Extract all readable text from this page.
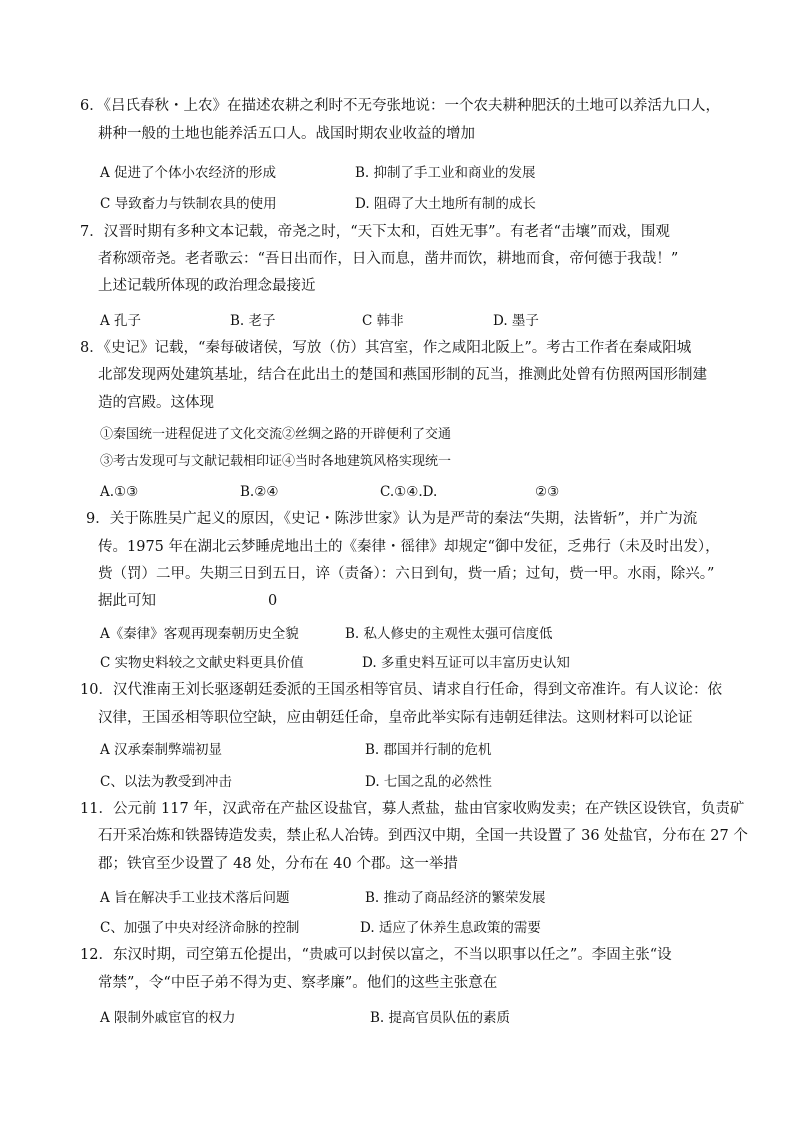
6．《吕氏春秋・上农》在描述农耕之利时不无夸张地说：一个农夫耕种肥沃的土地可以养活九口人，
耕种一般的土地也能养活五口人。战国时期农业收益的增加
A 促进了个体小农经济的形成	B. 抑制了手工业和商业的发展
C 导致畜力与铁制农具的使用	D. 阻碍了大土地所有制的成长
7．汉晋时期有多种文本记载，帝尧之时，“天下太和，百姓无事”。有老者“击壤”而戏，围观
者称颂帝尧。老者歌云：“吾日出而作，日入而息，凿井而饮，耕地而食，帝何德于我哉！”
上述记载所体现的政治理念最接近
A 孔子	B. 老子	C 韩非	D. 墨子
8．《史记》记载，“秦每破诸侯，写放（仿）其宫室，作之咸阳北阪上”。考古工作者在秦咸阳城
北部发现两处建筑基址，结合在此出土的楚国和燕国形制的瓦当，推测此处曾有仿照两国形制建
造的宫殿。这体现
①秦国统一进程促进了文化交流②丝绸之路的开辟便利了交通
③考古发现可与文献记载相印证④当时各地建筑风格实现统一
A.①③	B.②④	C.①④.D.	②③
9．关于陈胜吴广起义的原因，《史记・陈涉世家》认为是严苛的秦法“失期，法皆斩”，并广为流
传。1975 年在湖北云梦睡虎地出土的《秦律・徭律》却规定“御中发征，乏弗行（未及时出发），
赀（罚）二甲。失期三日到五日，谇（责备）：六日到旬，赀一盾；过旬，赀一甲。水雨，除兴。”
据此可知	0
A《秦律》客观再现秦朝历史全貌	B. 私人修史的主观性太强可信度低
C 实物史料较之文献史料更具价值	D. 多重史料互证可以丰富历史认知
10．汉代淮南王刘长驱逐朝廷委派的王国丞相等官员、请求自行任命，得到文帝准许。有人议论：依
汉律，王国丞相等职位空缺，应由朝廷任命，皇帝此举实际有违朝廷律法。这则材料可以论证
A 汉承秦制弊端初显	B. 郡国并行制的危机
C、以法为教受到冲击	D. 七国之乱的必然性
11．公元前 117 年，汉武帝在产盐区设盐官，募人煮盐，盐由官家收购发卖；在产铁区设铁官，负责矿
石开采冶炼和铁器铸造发卖，禁止私人冶铸。到西汉中期，全国一共设置了 36 处盐官，分布在 27 个
郡；铁官至少设置了 48 处，分布在 40 个郡。这一举措
A 旨在解决手工业技术落后问题	B. 推动了商品经济的繁荣发展
C、加强了中央对经济命脉的控制	D. 适应了休养生息政策的需要
12．东汉时期，司空第五伦提出，“贵戚可以封侯以富之，不当以职事以任之”。李固主张“设
常禁”，令“中臣子弟不得为吏、察孝廉”。他们的这些主张意在
A 限制外戚宦官的权力	B. 提高官员队伍的素质
